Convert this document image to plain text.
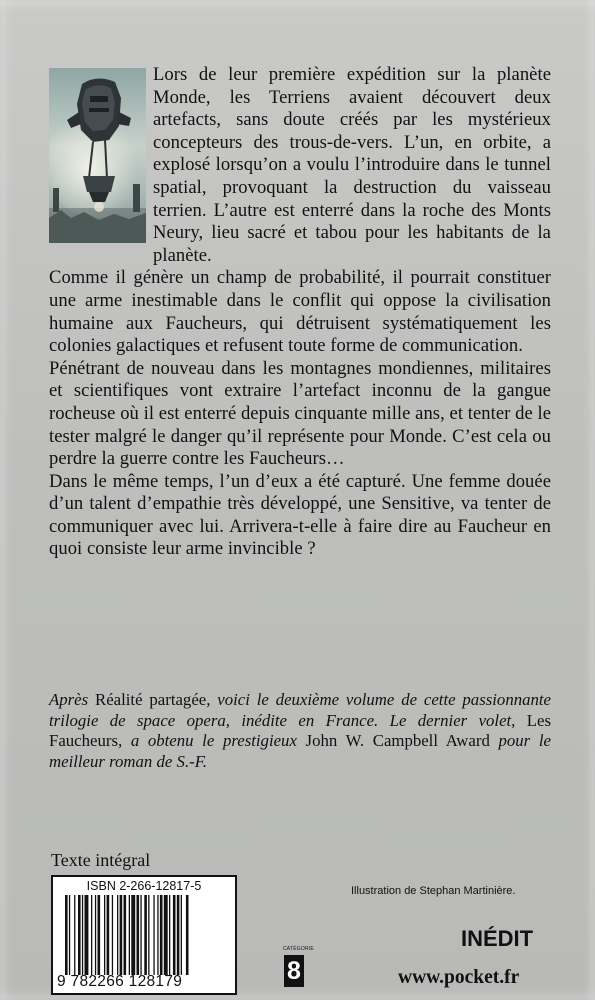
Lors de leur première expédition sur la planète Monde, les Terriens avaient découvert deux artefacts, sans doute créés par les mystérieux concepteurs des trous-de-vers. L’un, en orbite, a explosé lorsqu’on a voulu l’introduire dans le tunnel spatial, provoquant la destruction du vaisseau terrien. L’autre est enterré dans la roche des Monts Neury, lieu sacré et tabou pour les habitants de la planète.

Comme il génère un champ de probabilité, il pourrait constituer une arme inestimable dans le conflit qui oppose la civilisation humaine aux Faucheurs, qui détruisent systématiquement les colonies galactiques et refusent toute forme de communication.

Pénétrant de nouveau dans les montagnes mondiennes, militaires et scientifiques vont extraire l’artefact inconnu de la gangue rocheuse où il est enterré depuis cinquante mille ans, et tenter de le tester malgré le danger qu’il représente pour Monde. C’est cela ou perdre la guerre contre les Faucheurs…

Dans le même temps, l’un d’eux a été capturé. Une femme douée d’un talent d’empathie très développé, une Sensitive, va tenter de communiquer avec lui. Arrivera-t-elle à faire dire au Faucheur en quoi consiste leur arme invincible ?

Après Réalité partagée, voici le deuxième volume de cette passionnante trilogie de space opera, inédite en France. Le dernier volet, Les Faucheurs, a obtenu le prestigieux John W. Campbell Award pour le meilleur roman de S.-F.
Texte intégral
ISBN 2-266-12817-5
9 782266 128179
Illustration de Stephan Martinière.
CATÉGORIE
8
INÉDIT
www.pocket.fr
